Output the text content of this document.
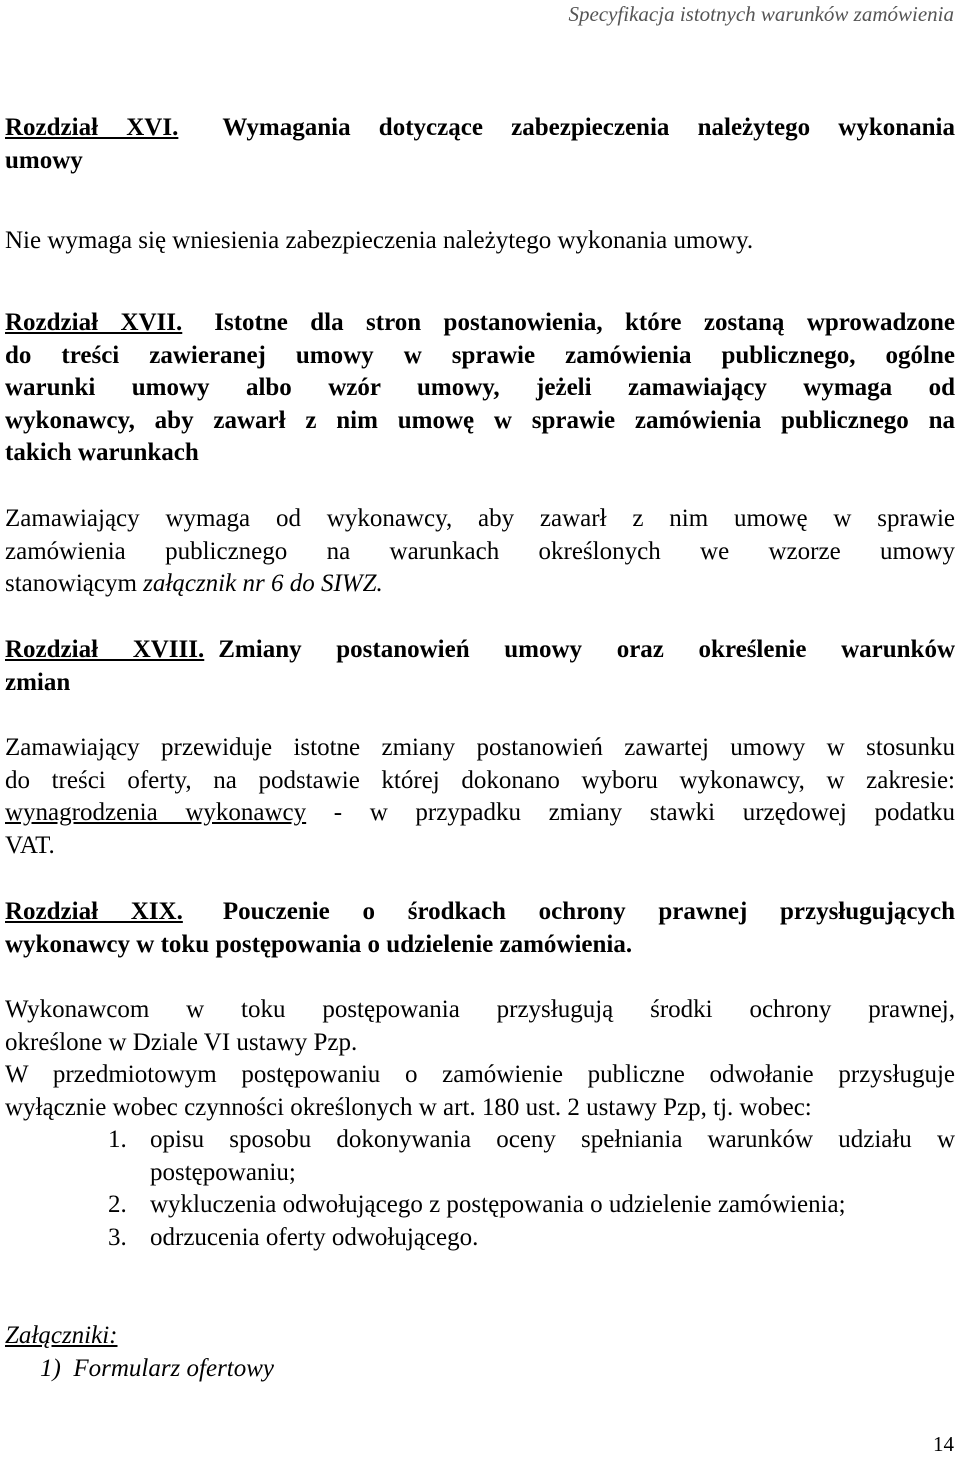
Specyfikacja istotnych warunków zamówienia
Rozdział XVI. Wymagania dotyczące zabezpieczenia należytego wykonania
umowy
Nie wymaga się wniesienia zabezpieczenia należytego wykonania umowy.
Rozdział XVII. Istotne dla stron postanowienia, które zostaną wprowadzone
do treści zawieranej umowy w sprawie zamówienia publicznego, ogólne
warunki umowy albo wzór umowy, jeżeli zamawiający wymaga od
wykonawcy, aby zawarł z nim umowę w sprawie zamówienia publicznego na
takich warunkach
Zamawiający wymaga od wykonawcy, aby zawarł z nim umowę w sprawie
zamówienia publicznego na warunkach określonych we wzorze umowy
stanowiącym załącznik nr 6 do SIWZ.
Rozdział XVIII. Zmiany postanowień umowy oraz określenie warunków
zmian
Zamawiający przewiduje istotne zmiany postanowień zawartej umowy w stosunku
do treści oferty, na podstawie której dokonano wyboru wykonawcy, w zakresie:
wynagrodzenia wykonawcy - w przypadku zmiany stawki urzędowej podatku
VAT.
Rozdział XIX. Pouczenie o środkach ochrony prawnej przysługujących
wykonawcy w toku postępowania o udzielenie zamówienia.
Wykonawcom w toku postępowania przysługują środki ochrony prawnej,
określone w Dziale VI ustawy Pzp.
W przedmiotowym postępowaniu o zamówienie publiczne odwołanie przysługuje
wyłącznie wobec czynności określonych w art. 180 ust. 2 ustawy Pzp, tj. wobec:
1. opisu sposobu dokonywania oceny spełniania warunków udziału w
postępowaniu;
2. wykluczenia odwołującego z postępowania o udzielenie zamówienia;
3. odrzucenia oferty odwołującego.
Załączniki:
1)  Formularz ofertowy
14
